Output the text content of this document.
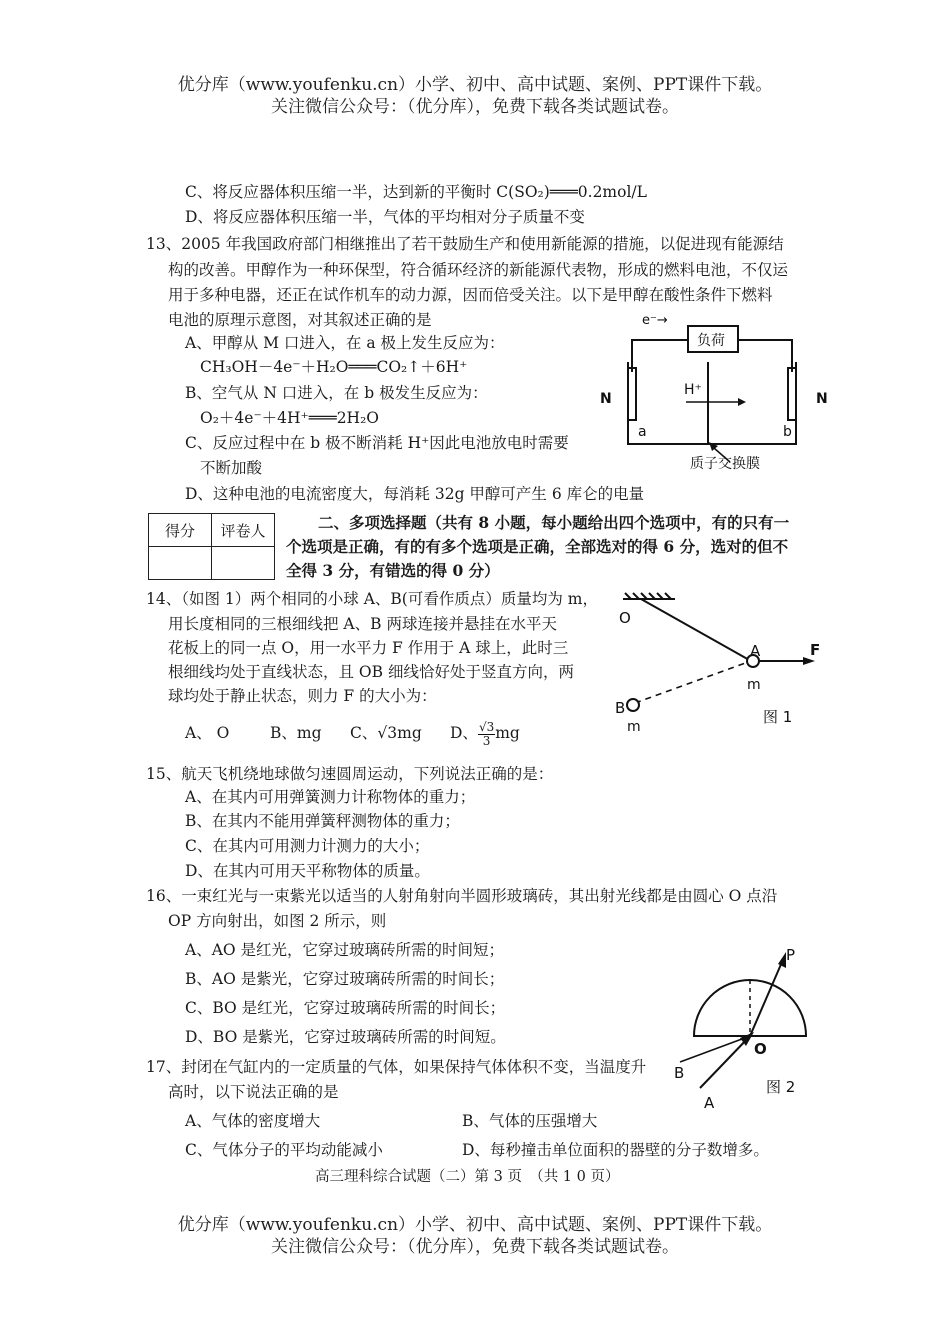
优分库（www.youfenku.cn）小学、初中、高中试题、案例、PPT课件下载。
关注微信公众号：（优分库），免费下载各类试题试卷。
C、将反应器体积压缩一半，达到新的平衡时 C(SO₂)═══0.2mol/L
D、将反应器体积压缩一半，气体的平均相对分子质量不变
13、2005 年我国政府部门相继推出了若干鼓励生产和使用新能源的措施，以促进现有能源结
构的改善。甲醇作为一种环保型，符合循环经济的新能源代表物，形成的燃料电池，不仅运
用于多种电器，还正在试作机车的动力源，因而倍受关注。以下是甲醇在酸性条件下燃料
电池的原理示意图，对其叙述正确的是
A、甲醇从 M 口进入，在 a 极上发生反应为：
CH₃OH－4e⁻＋H₂O═══CO₂↑＋6H⁺
B、空气从 N 口进入，在 b 极发生反应为：
O₂＋4e⁻＋4H⁺═══2H₂O
C、反应过程中在 b 极不断消耗 H⁺因此电池放电时需要
不断加酸
D、这种电池的电流密度大，每消耗 32g 甲醇可产生 6 库仑的电量
e⁻→
负荷
N	N
a	b
H⁺
质子交换膜
得分	评卷人
		二、多项选择题（共有 8 小题，每小题给出四个选项中，有的只有一
个选项是正确，有的有多个选项是正确，全部选对的得 6 分，选对的但不
全得 3 分，有错选的得 0 分）
14、（如图 1）两个相同的小球 A、B(可看作质点）质量均为 m，
用长度相同的三根细线把 A、B 两球连接并悬挂在水平天
花板上的同一点 O，用一水平力 F 作用于 A 球上，此时三
根细线均处于直线状态，且 OB 细线恰好处于竖直方向，两
球均处于静止状态，则力 F 的大小为：
A、 O	B、mg C、√3mg D、 $\frac{√3}{3}$ mg
O
A	F
m
B
m
图 1
15、航天飞机绕地球做匀速圆周运动，下列说法正确的是：
A、在其内可用弹簧测力计称物体的重力；
B、在其内不能用弹簧秤测物体的重力；
C、在其内可用测力计测力的大小；
D、在其内可用天平称物体的质量。
16、一束红光与一束紫光以适当的人射角射向半圆形玻璃砖，其出射光线都是由圆心 O 点沿
OP 方向射出，如图 2 所示，则
A、AO 是红光，它穿过玻璃砖所需的时间短；
B、AO 是紫光，它穿过玻璃砖所需的时间长；
C、BO 是红光，它穿过玻璃砖所需的时间长；
D、BO 是紫光，它穿过玻璃砖所需的时间短。
P
O
B
A
图 2
17、封闭在气缸内的一定质量的气体，如果保持气体体积不变，当温度升
高时，以下说法正确的是
A、气体的密度增大	B、气体的压强增大
C、气体分子的平均动能减小	D、每秒撞击单位面积的器壁的分子数增多。
高三理科综合试题（二）第 3 页　（共 1 0 页）
优分库（www.youfenku.cn）小学、初中、高中试题、案例、PPT课件下载。
关注微信公众号：（优分库），免费下载各类试题试卷。
